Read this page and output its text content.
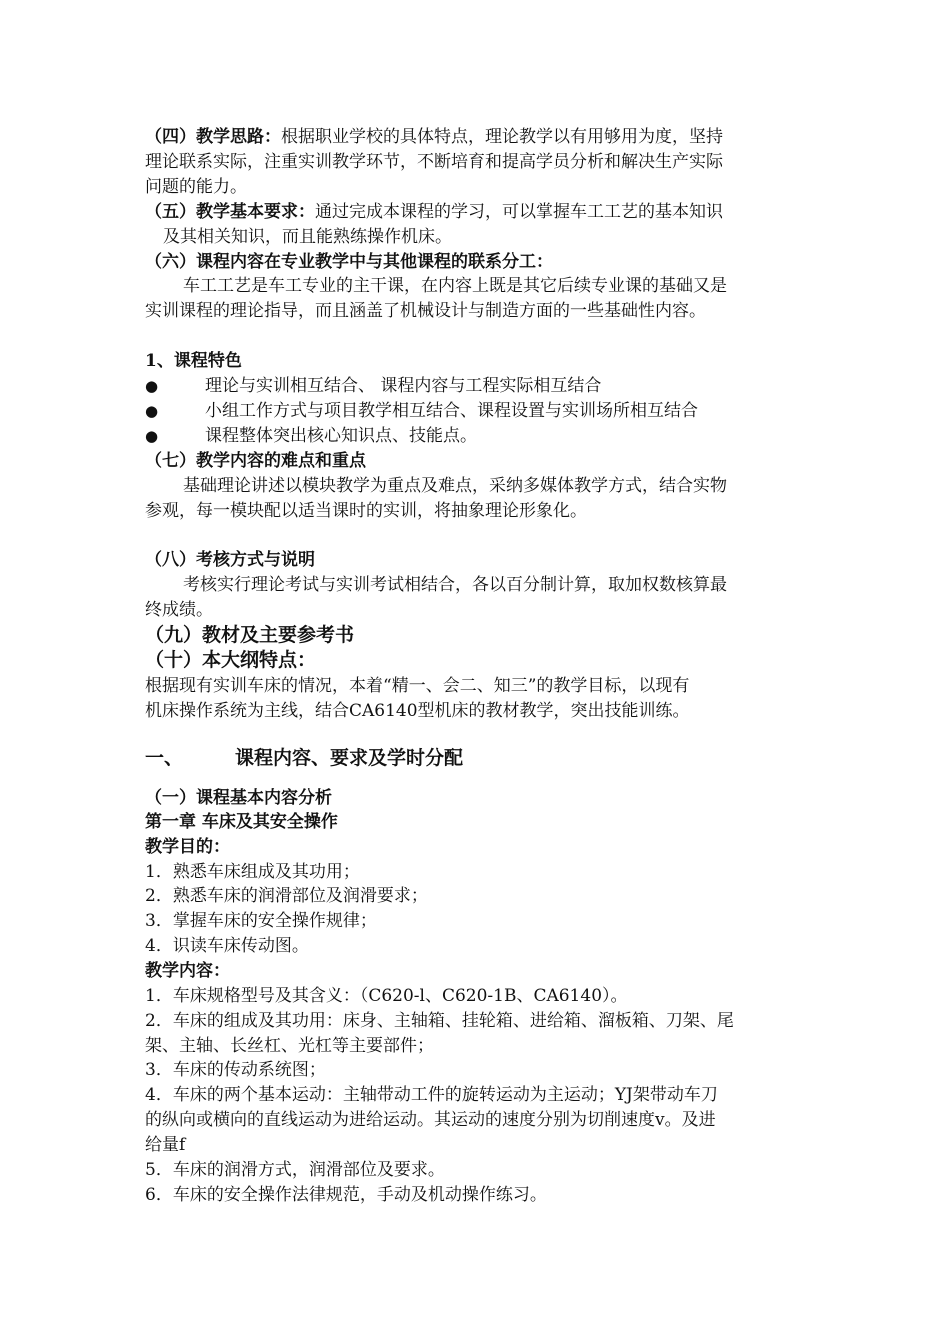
（四）教学思路：根据职业学校的具体特点，理论教学以有用够用为度，坚持
理论联系实际，注重实训教学环节，不断培育和提高学员分析和解决生产实际
问题的能力。
（五）教学基本要求：通过完成本课程的学习，可以掌握车工工艺的基本知识
及其相关知识，而且能熟练操作机床。
（六）课程内容在专业教学中与其他课程的联系分工：
车工工艺是车工专业的主干课，在内容上既是其它后续专业课的基础又是
实训课程的理论指导，而且涵盖了机械设计与制造方面的一些基础性内容。
1、课程特色
●	理论与实训相互结合、 课程内容与工程实际相互结合
●	小组工作方式与项目教学相互结合、课程设置与实训场所相互结合
●	课程整体突出核心知识点、技能点。
（七）教学内容的难点和重点
基础理论讲述以模块教学为重点及难点，采纳多媒体教学方式，结合实物
参观，每一模块配以适当课时的实训，将抽象理论形象化。
（八）考核方式与说明
考核实行理论考试与实训考试相结合，各以百分制计算，取加权数核算最
终成绩。
（九）教材及主要参考书
（十）本大纲特点：
根据现有实训车床的情况，本着“精一、会二、知三”的教学目标，以现有
机床操作系统为主线，结合CA6140型机床的教材教学，突出技能训练。
一、	课程内容、要求及学时分配
（一）课程基本内容分析
第一章 车床及其安全操作
教学目的：
1．熟悉车床组成及其功用；
2．熟悉车床的润滑部位及润滑要求；
3．掌握车床的安全操作规律；
4．识读车床传动图。
教学内容：
1．车床规格型号及其含义：（C620-l、C620-1B、CA6140）。
2．车床的组成及其功用：床身、主轴箱、挂轮箱、进给箱、溜板箱、刀架、尾
架、主轴、长丝杠、光杠等主要部件；
3．车床的传动系统图；
4．车床的两个基本运动：主轴带动工件的旋转运动为主运动；YJ架带动车刀
的纵向或横向的直线运动为进给运动。其运动的速度分别为切削速度v。及进
给量f
5．车床的润滑方式，润滑部位及要求。
6．车床的安全操作法律规范，手动及机动操作练习。
